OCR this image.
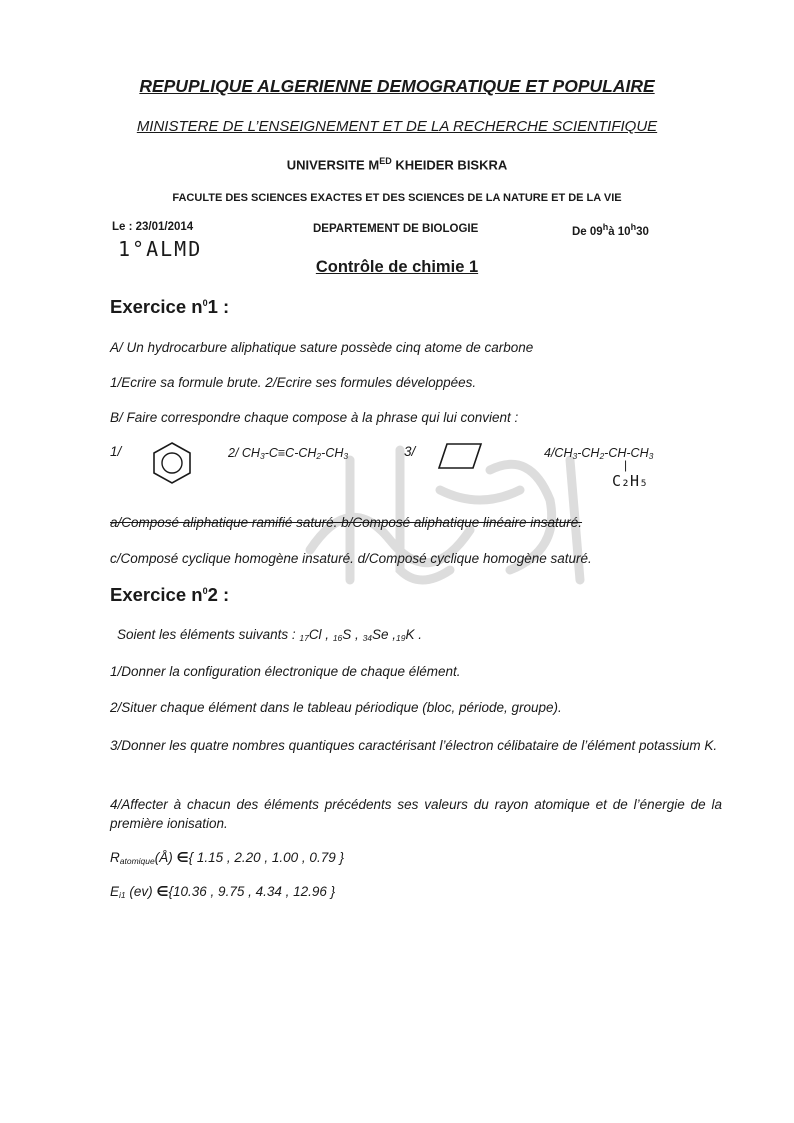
REPUPLIQUE ALGERIENNE DEMOGRATIQUE ET POPULAIRE
MINISTERE DE L’ENSEIGNEMENT ET DE LA RECHERCHE SCIENTIFIQUE
UNIVERSITE $M^{ED}$ KHEIDER BISKRA
FACULTE DES SCIENCES EXACTES ET DES SCIENCES DE LA NATURE ET DE LA VIE
Le : 23/01/2014
1°ALMD
DEPARTEMENT DE BIOLOGIE	De 09$^h$à 10$^h$30
Contrôle de chimie 1
Exercice $n^01$ :
A/ Un hydrocarbure aliphatique sature possède cinq atome de carbone
1/Ecrire sa formule brute. 2/Ecrire ses formules développées.
B/ Faire correspondre chaque compose à la phrase qui lui convient :
1/	2/ $CH_3-C\equiv C-CH_2-CH_3$	3/	$4/CH_3-CH_2-CH-CH_3$
|
C₂H₅
a/Composé aliphatique ramifié saturé. b/Composé aliphatique linéaire insaturé.
c/Composé cyclique homogène insaturé. d/Composé cyclique homogène saturé.
Exercice $n^02$ :
Soient les éléments suivants : $_{17}$Cl , $_{16}$S , $_{34}$Se $,_{19}K$ .
1/Donner la configuration électronique de chaque élément.
2/Situer chaque élément dans le tableau périodique (bloc, période, groupe).
3/Donner les quatre nombres quantiques caractérisant l’électron célibataire de l’élément potassium K.
4/Affecter à chacun des éléments précédents ses valeurs du rayon atomique et de l’énergie de la première ionisation.
$R_{atomique}(Å)$ ∈{ 1.15 , 2.20 , 1.00 , 0.79 }
$E_{i1}$ (ev) ∈{10.36 , 9.75 , 4.34 , 12.96 }
